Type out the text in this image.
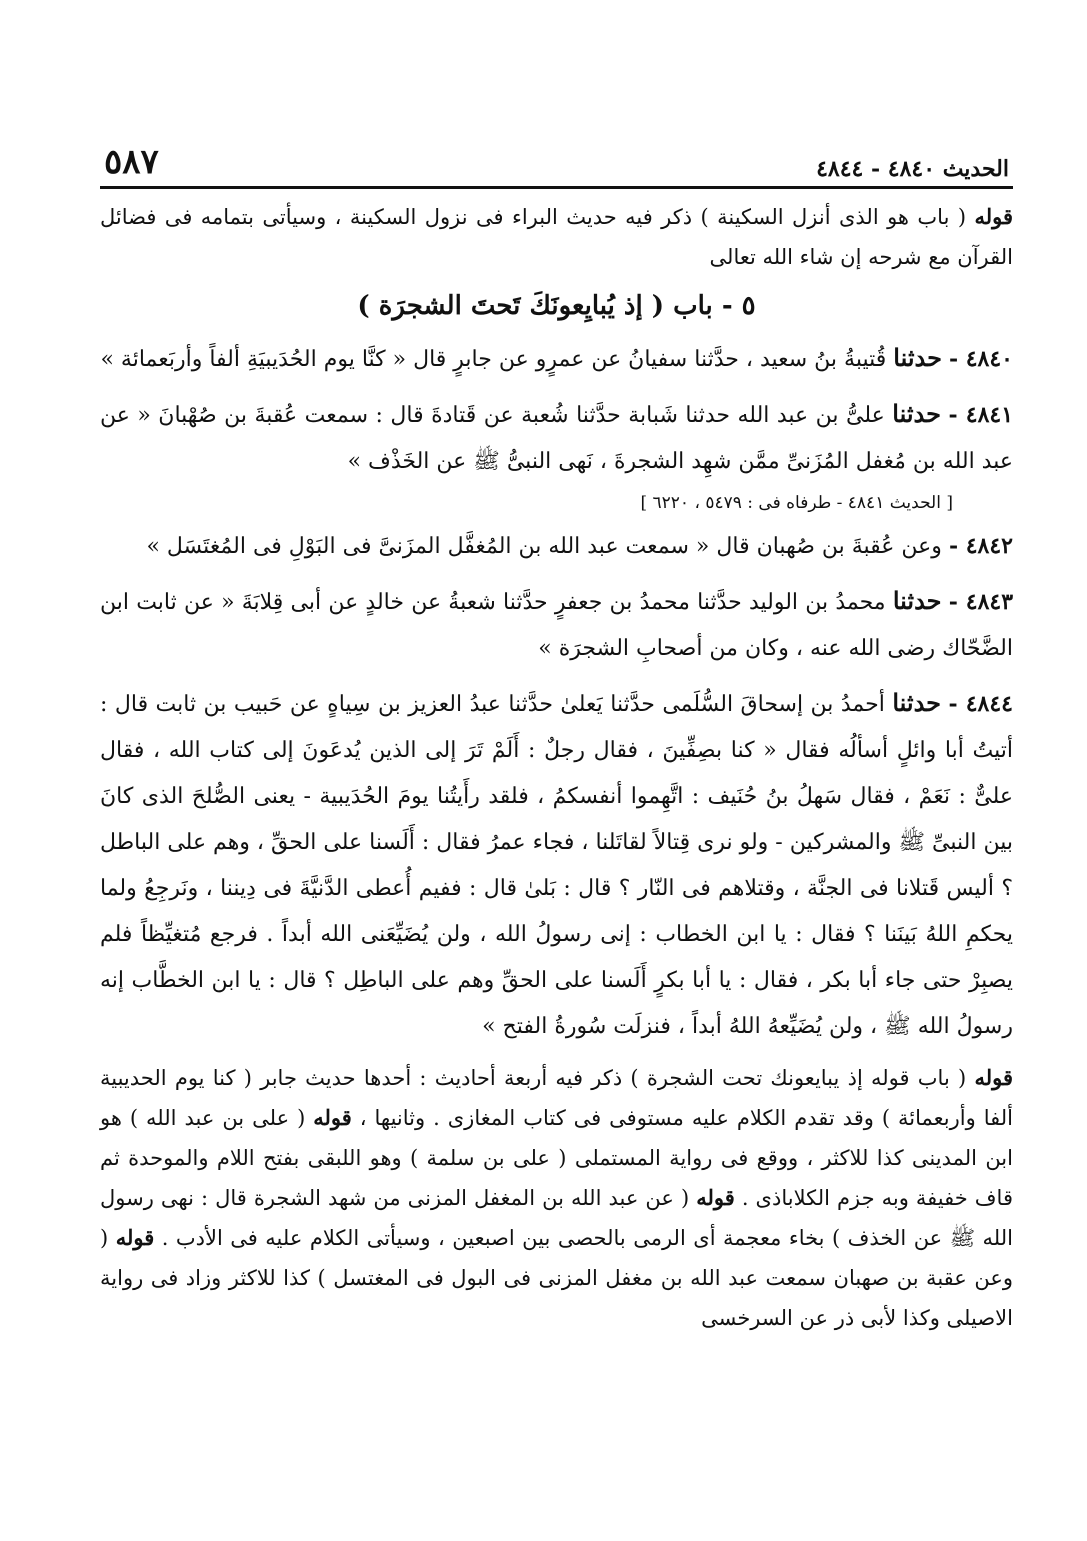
الحديث ٤٨٤٠ - ٤٨٤٤
٥٨٧

قوله ( باب هو الذى أنزل السكينة ) ذكر فيه حديث البراء فى نزول السكينة ، وسيأتى بتمامه فى فضائل القرآن مع شرحه إن شاء الله تعالى

٥ - باب ( إذ يُبايِعونَكَ تَحتَ الشجرَة )

٤٨٤٠ - حدثنا قُتيبةُ بنُ سعيد ، حدَّثنا سفيانُ عن عمرٍو عن جابرٍ قال « كنَّا يوم الحُدَيبيَةِ ألفاً وأربَعمائة »

٤٨٤١ - حدثنا علىُّ بن عبد الله حدثنا شَبابة حدَّثنا شُعبة عن قَتادةَ قال : سمعت عُقبةَ بن صُهْبانَ « عن عبد الله بن مُغفل المُزَنىِّ ممَّن شهِد الشجرةَ ، نَهى النبىُّ ﷺ عن الخَذْف »

[ الحديث ٤٨٤١ - طرفاه فى : ٥٤٧٩ ، ٦٢٢٠ ]

٤٨٤٢ - وعن عُقبةَ بن صُهبان قال « سمعت عبد الله بن المُغفَّل المزَنىَّ فى البَوْلِ فى المُغتَسَل »

٤٨٤٣ - حدثنا محمدُ بن الوليد حدَّثنا محمدُ بن جعفرٍ حدَّثنا شعبةُ عن خالدٍ عن أبى قِلابَةَ « عن ثابت ابن الضَّحّاك رضى الله عنه ، وكان من أصحابِ الشجرَة »

٤٨٤٤ - حدثنا أحمدُ بن إسحاقَ السُّلَمى حدَّثنا يَعلىٰ حدَّثنا عبدُ العزيز بن سِياهٍ عن حَبيب بن ثابت قال : أتيتُ أبا وائلٍ أسألُه فقال « كنا بصِفِّينَ ، فقال رجلٌ : أَلَمْ تَرَ إلى الذين يُدعَونَ إلى كتاب الله ، فقال علىٌّ : نَعَمْ ، فقال سَهلُ بنُ حُنَيف : اتَّهِموا أنفسكمُ ، فلقد رأَيتُنا يومَ الحُدَيبية - يعنى الصُّلحَ الذى كانَ بين النبىِّ ﷺ والمشركين - ولو نرى قِتالاً لقاتَلنا ، فجاء عمرُ فقال : أَلَسنا على الحقِّ ، وهم على الباطل ؟ أليس قَتلانا فى الجنَّة ، وقتلاهم فى النّار ؟ قال : بَلىٰ قال : ففيم أُعطى الدَّنيَّةَ فى دِيننا ، ونَرجِعُ ولما يحكمِ اللهُ بَينَنا ؟ فقال : يا ابن الخطاب : إنى رسولُ الله ، ولن يُضَيِّعَنى الله أبداً . فرجع مُتغيِّظاً فلم يصبِرْ حتى جاء أبا بكر ، فقال : يا أبا بكرٍ أَلَسنا على الحقِّ وهم على الباطِل ؟ قال : يا ابن الخطَّاب إنه رسولُ الله ﷺ ، ولن يُضَيِّعهُ اللهُ أبداً ، فنزلَت سُورةُ الفتح »

قوله ( باب قوله إذ يبايعونك تحت الشجرة ) ذكر فيه أربعة أحاديث : أحدها حديث جابر ( كنا يوم الحديبية ألفا وأربعمائة ) وقد تقدم الكلام عليه مستوفى فى كتاب المغازى . وثانيها ، قوله ( على بن عبد الله ) هو ابن المدينى كذا للاكثر ، ووقع فى رواية المستملى ( على بن سلمة ) وهو اللبقى بفتح اللام والموحدة ثم قاف خفيفة وبه جزم الكلاباذى . قوله ( عن عبد الله بن المغفل المزنى من شهد الشجرة قال : نهى رسول الله ﷺ عن الخذف ) بخاء معجمة أى الرمى بالحصى بين اصبعين ، وسيأتى الكلام عليه فى الأدب . قوله ( وعن عقبة بن صهبان سمعت عبد الله بن مغفل المزنى فى البول فى المغتسل ) كذا للاكثر وزاد فى رواية الاصيلى وكذا لأبى ذر عن السرخسى
